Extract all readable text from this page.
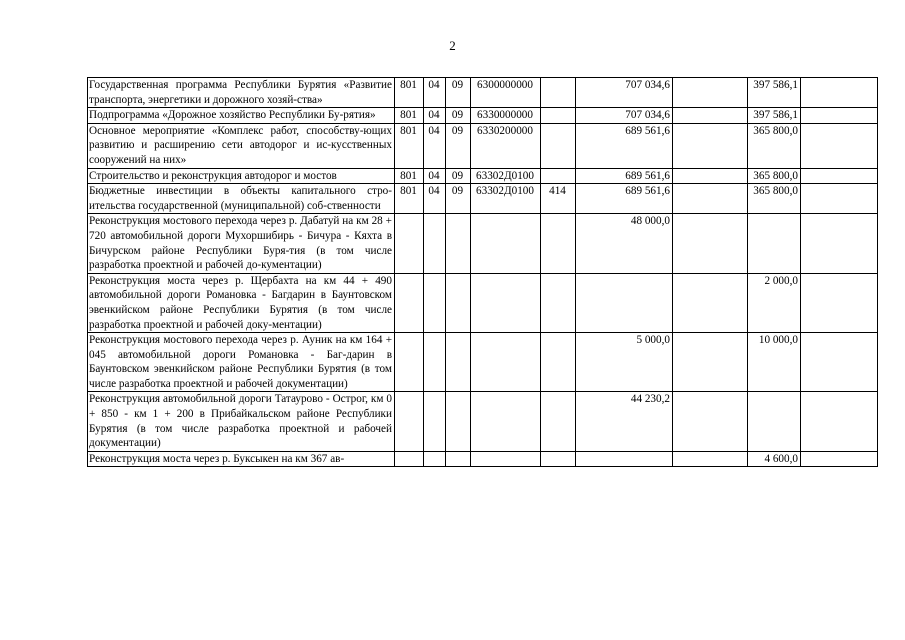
2
Государственная программа Республики Бурятия «Развитие транспорта, энергетики и дорожного хозяй-ства»	801	04	09	6300000000		707 034,6		397 586,1	
Подпрограмма «Дорожное хозяйство Республики Бу-рятия»	801	04	09	6330000000		707 034,6		397 586,1	
Основное мероприятие «Комплекс работ, способству-ющих развитию и расширению сети автодорог и ис-кусственных сооружений на них»	801	04	09	6330200000		689 561,6		365 800,0	
Строительство и реконструкция автодорог и мостов	801	04	09	63302Д0100		689 561,6		365 800,0	
Бюджетные инвестиции в объекты капитального стро-ительства государственной (муниципальной) соб-ственности	801	04	09	63302Д0100	414	689 561,6		365 800,0	
Реконструкция мостового перехода через р. Дабатуй на км 28 + 720 автомобильной дороги Мухоршибирь - Бичура - Кяхта в Бичурском районе Республики Буря-тия (в том числе разработка проектной и рабочей до-кументации)						48 000,0			
Реконструкция моста через р. Щербахта на км 44 + 490 автомобильной дороги Романовка - Багдарин в Баунтовском эвенкийском районе Республики Бурятия (в том числе разработка проектной и рабочей доку-ментации)								2 000,0	
Реконструкция мостового перехода через р. Ауник на км 164 + 045 автомобильной дороги Романовка - Баг-дарин в Баунтовском эвенкийском районе Республики Бурятия (в том числе разработка проектной и рабочей документации)						5 000,0		10 000,0	
Реконструкция автомобильной дороги Татаурово - Острог, км 0 + 850 - км 1 + 200 в Прибайкальском районе Республики Бурятия (в том числе разработка проектной и рабочей документации)						44 230,2			
Реконструкция моста через р. Буксыкен на км 367 ав-								4 600,0	
